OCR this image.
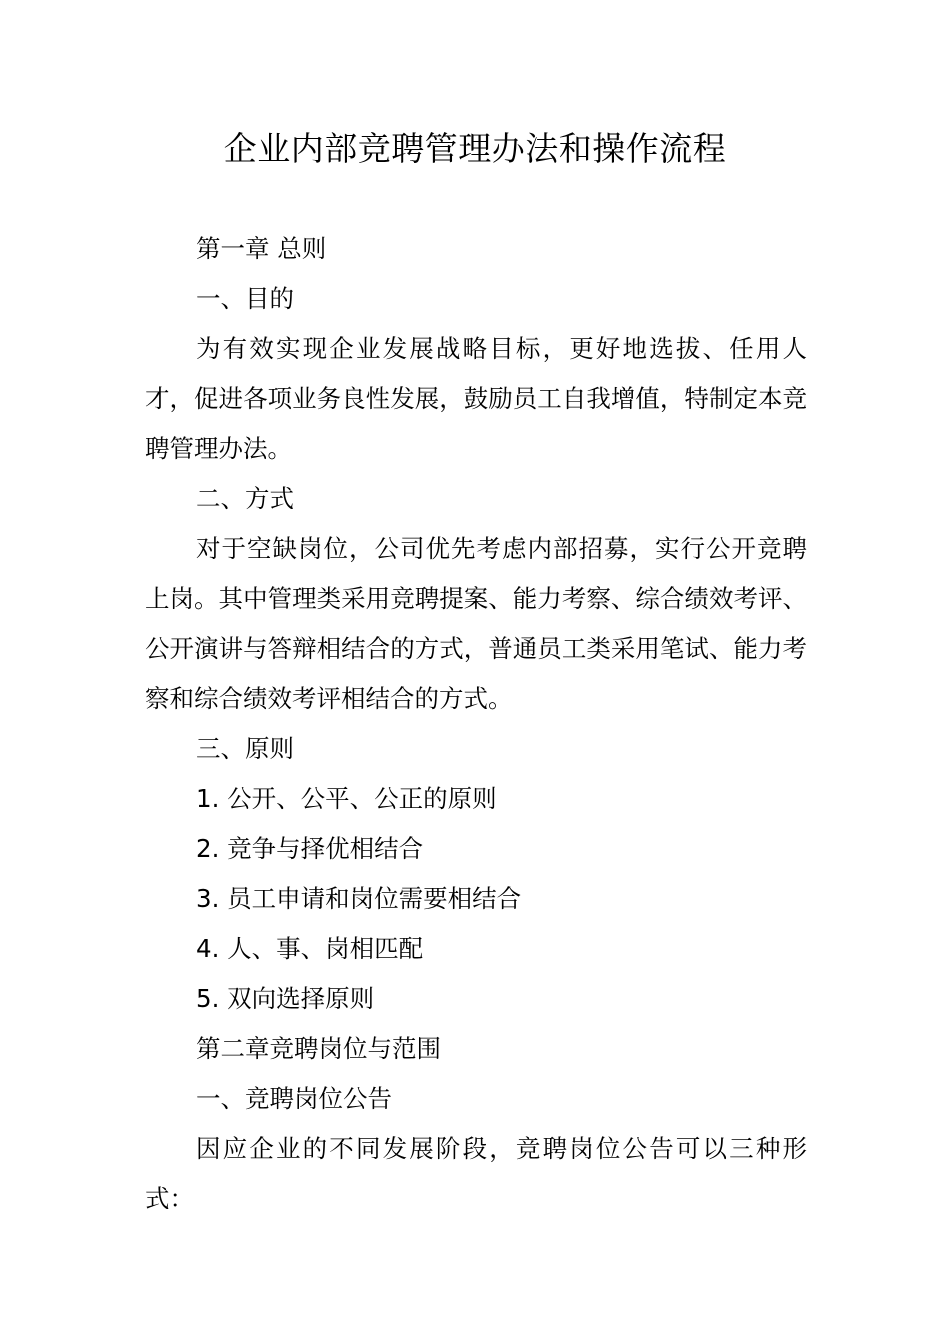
企业内部竞聘管理办法和操作流程

第一章 总则

一、目的

为有效实现企业发展战略目标，更好地选拔、任用人才，促进各项业务良性发展，鼓励员工自我增值，特制定本竞聘管理办法。

二、方式

对于空缺岗位，公司优先考虑内部招募，实行公开竞聘上岗。其中管理类采用竞聘提案、能力考察、综合绩效考评、公开演讲与答辩相结合的方式，普通员工类采用笔试、能力考察和综合绩效考评相结合的方式。

三、原则

1. 公开、公平、公正的原则

2. 竞争与择优相结合

3. 员工申请和岗位需要相结合

4. 人、事、岗相匹配

5. 双向选择原则

第二章竞聘岗位与范围

一、竞聘岗位公告

因应企业的不同发展阶段，竞聘岗位公告可以三种形式：
